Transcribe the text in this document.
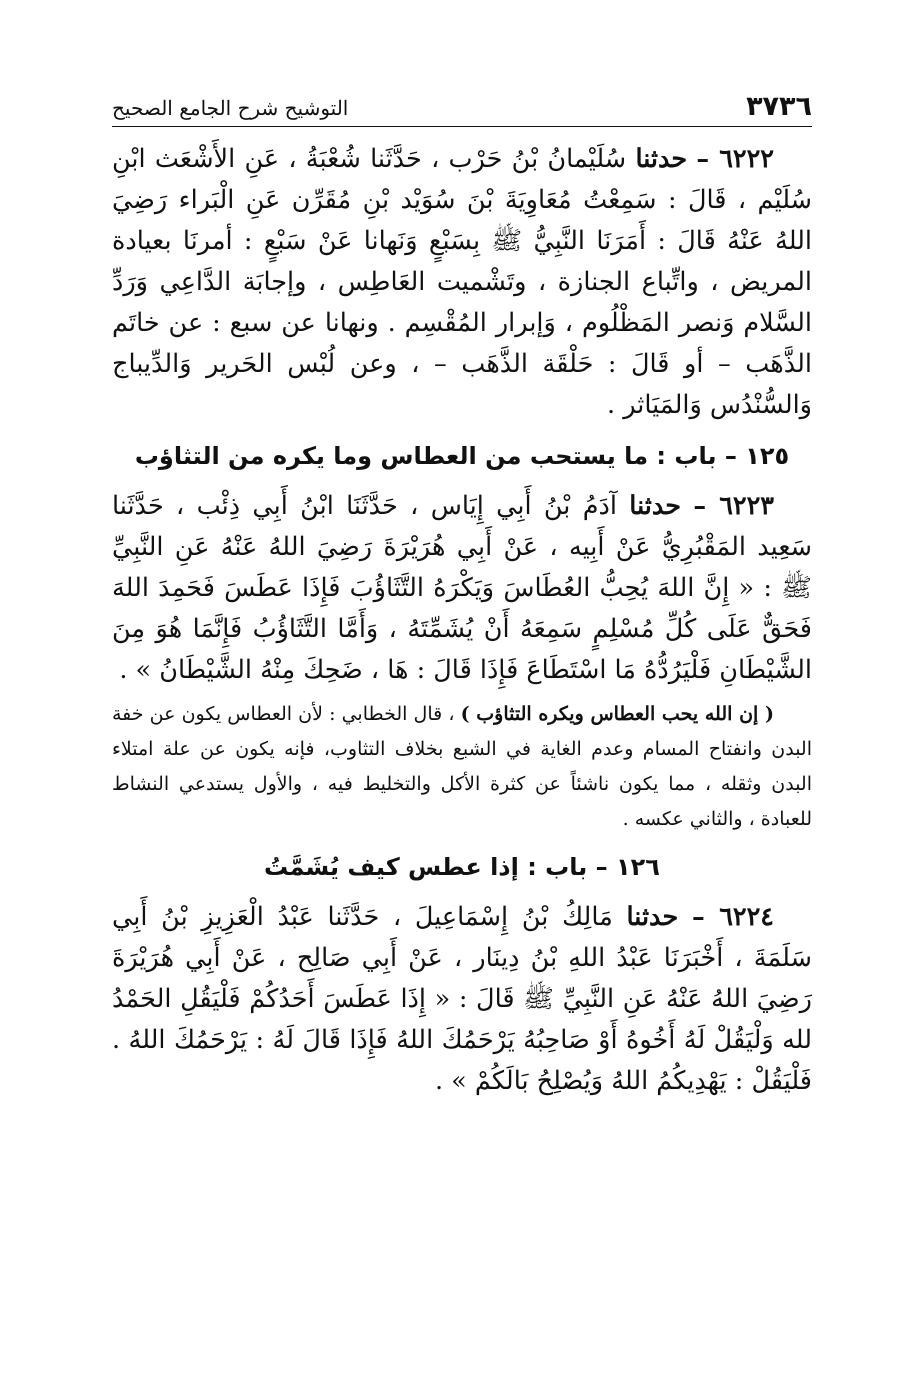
٣٧٣٦
التوشيح شرح الجامع الصحيح

٦٢٢٢ – حدثنا سُلَيْمانُ بْنُ حَرْب ، حَدَّثَنا شُعْبَةُ ، عَنِ الأَشْعَث ابْنِ سُلَيْم ، قَالَ : سَمِعْتُ مُعَاوِيَةَ بْنَ سُوَيْد بْنِ مُقَرِّن عَنِ الْبَراء رَضِيَ اللهُ عَنْهُ قَالَ : أَمَرَنَا النَّبِيُّ ﷺ بِسَبْعٍ وَنَهانا عَنْ سَبْعٍ : أمرنَا بعيادة المريض ، واتِّباع الجنازة ، وتَشْميت العَاطِس ، وإجابَة الدَّاعِي وَرَدِّ السَّلام وَنصر المَظْلُوم ، وَإبرار المُقْسِم . ونهانا عن سبع : عن خاتَم الذَّهَب – أو قَالَ : حَلْقَة الذَّهَب – ، وعن لُبْس الحَرير وَالدِّيباج وَالسُّنْدُس وَالمَيَاثر .

١٢٥ – باب : ما يستحب من العطاس وما يكره من التثاؤب

٦٢٢٣ – حدثنا آدَمُ بْنُ أَبِي إِيَاس ، حَدَّثَنَا ابْنُ أَبِي ذِئْب ، حَدَّثَنا سَعِيد المَقْبُرِيُّ عَنْ أَبِيه ، عَنْ أَبِي هُرَيْرَةَ رَضِيَ اللهُ عَنْهُ عَنِ النَّبِيِّ ﷺ : « إِنَّ اللهَ يُحِبُّ العُطَاسَ وَيَكْرَهُ التَّثَاؤُبَ فَإِذَا عَطَسَ فَحَمِدَ اللهَ فَحَقٌّ عَلَى كُلِّ مُسْلِمٍ سَمِعَهُ أَنْ يُشَمِّتَهُ ، وَأَمَّا التَّثَاؤُبُ فَإِنَّمَا هُوَ مِنَ الشَّيْطَانِ فَلْيَرُدُّهُ مَا اسْتَطَاعَ فَإِذَا قَالَ : هَا ، ضَحِكَ مِنْهُ الشَّيْطَانُ » .

( إن الله يحب العطاس ويكره التثاؤب ) ، قال الخطابي : لأن العطاس يكون عن خفة البدن وانفتاح المسام وعدم الغاية في الشبع بخلاف التثاوب، فإنه يكون عن علة امتلاء البدن وثقله ، مما يكون ناشئاً عن كثرة الأكل والتخليط فيه ، والأول يستدعي النشاط للعبادة ، والثاني عكسه .

١٢٦ – باب : إذا عطس كيف يُشَمَّتُ

٦٢٢٤ – حدثنا مَالِكُ بْنُ إِسْمَاعِيلَ ، حَدَّثَنا عَبْدُ الْعَزِيزِ بْنُ أَبِي سَلَمَةَ ، أَخْبَرَنَا عَبْدُ اللهِ بْنُ دِينَار ، عَنْ أَبِي صَالِح ، عَنْ أَبِي هُرَيْرَةَ رَضِيَ اللهُ عَنْهُ عَنِ النَّبِيِّ ﷺ قَالَ : « إِذَا عَطَسَ أَحَدُكُمْ فَلْيَقُلِ الحَمْدُ لله وَلْيَقُلْ لَهُ أَخُوهُ أَوْ صَاحِبُهُ يَرْحَمُكَ اللهُ فَإِذَا قَالَ لَهُ : يَرْحَمُكَ اللهُ . فَلْيَقُلْ : يَهْدِيكُمُ اللهُ وَيُصْلِحُ بَالَكُمْ » .
